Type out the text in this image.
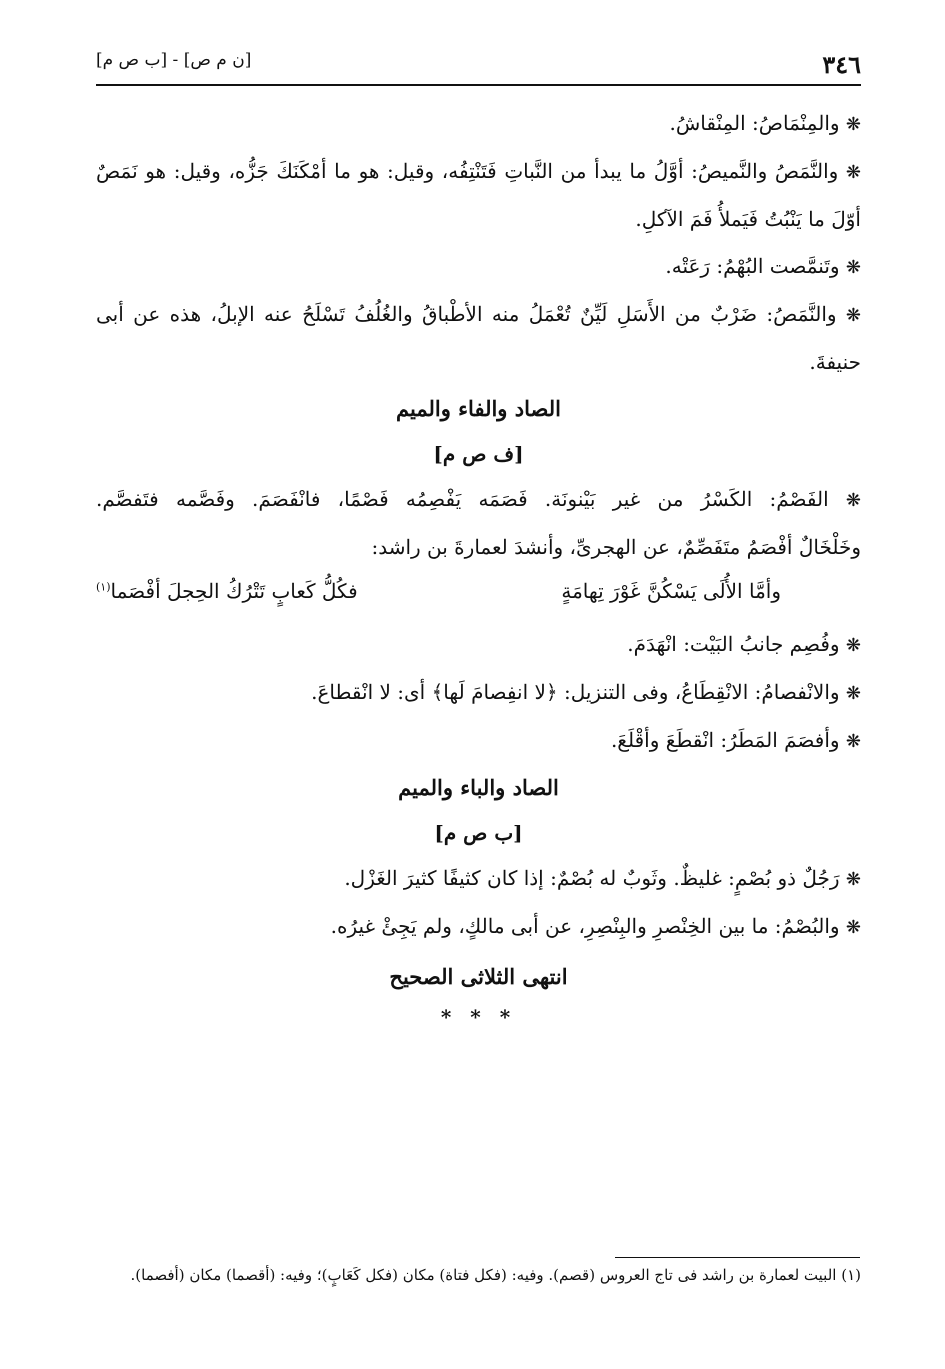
٣٤٦
[ن م ص] - [ب ص م]

❋ والمِنْمَاصُ: المِنْقاشُ.

❋ والنَّمَصُ والنَّميصُ: أوَّلُ ما يبدأ من النَّباتِ فَتَنْتِفُه، وقيل: هو ما أمْكَنَكَ جَزُّه، وقيل: هو نَمَصٌ أوّلَ ما يَنْبُتُ فَيَملأُ فَمَ الآكلِ.

❋ وتَنمَّصت البُهْمُ: رَعَتْه.

❋ والنَّمَصُ: ضَرْبٌ من الأَسَلِ لَيِّنٌ تُعْمَلُ منه الأطْباقُ والغُلُفُ تَسْلَحُ عنه الإبلُ، هذه عن أبى حنيفةَ.

الصاد والفاء والميم

[ف ص م]

❋ الفَصْمُ: الكَسْرُ من غير بَيْنونَة. فَصَمَه يَفْصِمُه فَصْمًا، فانْفَصَمَ. وفَصَّمه فتَفصَّم.

وخَلْخَالٌ أفْصَمُ متَفَصِّمٌ، عن الهجرىِّ، وأنشدَ لعمارةَ بن راشد:

وأمَّا الأُلَى يَسْكُنَّ غَوْرَ تِهامَةٍ
فكُلُّ كَعابٍ تَتْرُكُ الحِجلَ أفْصَما$^{(١)}$

❋ وفُصِم جانبُ البَيْت: انْهَدَمَ.

❋ والانْفصامُ: الانْقِطَاعُ، وفى التنزيل: ﴿لا انفِصامَ لَها﴾ أى: لا انْقطاعَ.

❋ وأفصَمَ المَطَرُ: انْقطَعَ وأقْلَعَ.

الصاد والباء والميم

[ب ص م]

❋ رَجُلٌ ذو بُصْمٍ: غليظٌ. وثَوبٌ له بُصْمٌ: إذا كان كثيفًا كثيرَ الغَزْل.

❋ والبُصْمُ: ما بين الخِنْصرِ والبِنْصِرِ، عن أبى مالكٍ، ولم يَجِئْ غيرُه.

انتهى الثلاثى الصحيح

* * *

(١) البيت لعمارة بن راشد فى تاج العروس (قصم). وفيه: (فكل فتاة) مكان (فكل كَعَابٍ)؛ وفيه: (أقصما) مكان (أفصما).
